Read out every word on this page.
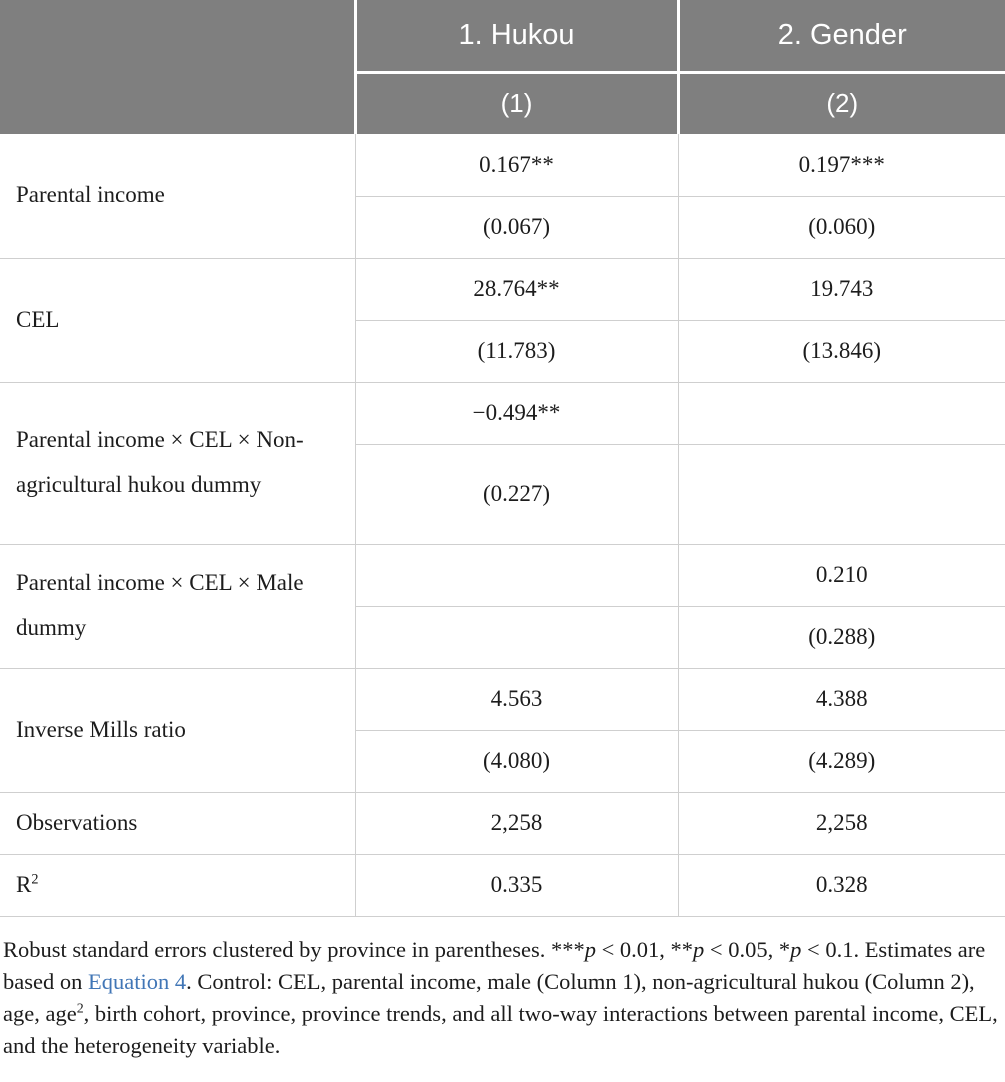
	1. Hukou	2. Gender
	(1)	(2)
Parental income	0.167**	0.197***
	(0.067)	(0.060)
CEL	28.764**	19.743
	(11.783)	(13.846)
Parental income × CEL × Non-agricultural hukou dummy	−0.494**	
	(0.227)	
Parental income × CEL × Male dummy		0.210
		(0.288)
Inverse Mills ratio	4.563	4.388
	(4.080)	(4.289)
Observations	2,258	2,258
$R^2$	0.335	0.328
Robust standard errors clustered by province in parentheses. ***p < 0.01, **p < 0.05, *p < 0.1. Estimates are based on Equation 4. Control: CEL, parental income, male (Column 1), non-agricultural hukou (Column 2), age, age$^2$, birth cohort, province, province trends, and all two-way interactions between parental income, CEL, and the heterogeneity variable.
